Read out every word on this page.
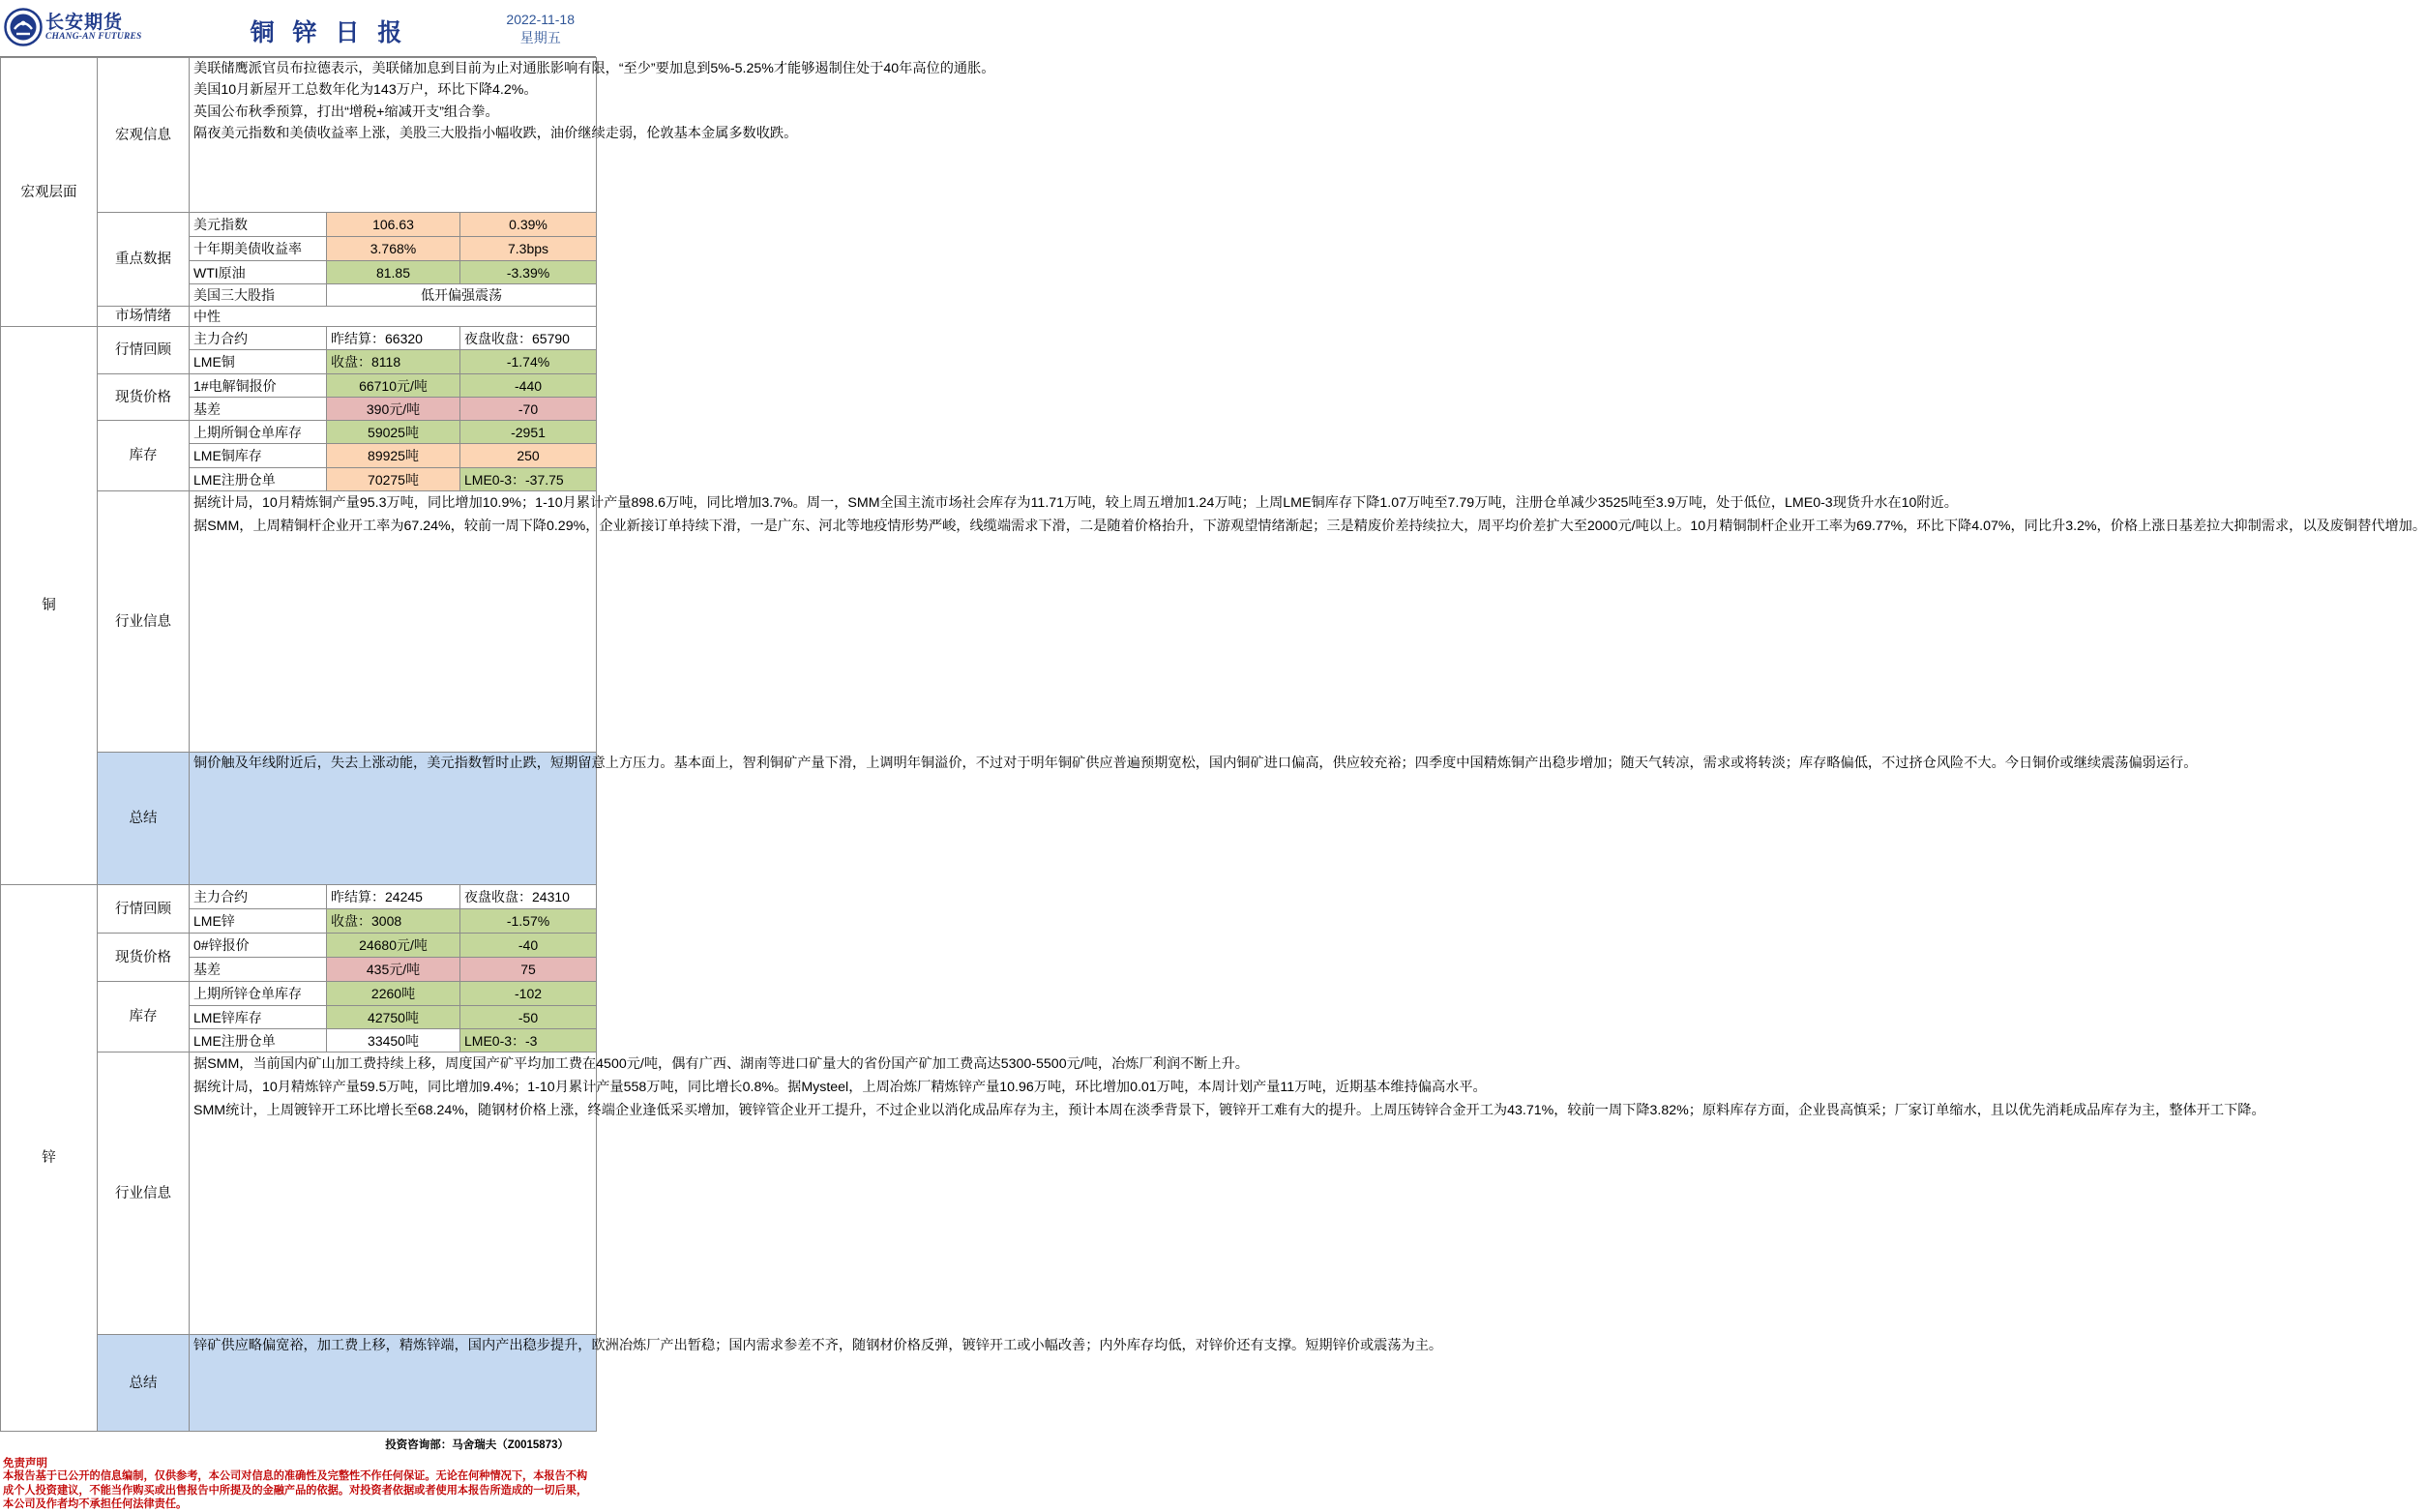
长安期货
CHANG-AN FUTURES	铜 锌 日 报	2022-11-18
星期五
宏观层面	宏观信息	美联储鹰派官员布拉德表示，美联储加息到目前为止对通胀影响有限，“至少”要加息到5%-5.25%才能够遏制住处于40年高位的通胀。

美国10月新屋开工总数年化为143万户，环比下降4.2%。

英国公布秋季预算，打出“增税+缩减开支”组合拳。

隔夜美元指数和美债收益率上涨，美股三大股指小幅收跌，油价继续走弱，伦敦基本金属多数收跌。		

	重点数据	美元指数	106.63	0.39%
		十年期美债收益率	3.768%	7.3bps
		WTI原油	81.85	-3.39%
		美国三大股指	低开偏强震荡	
	市场情绪	中性		
铜	行情回顾	主力合约	昨结算：66320	夜盘收盘：65790
		LME铜	收盘：8118	-1.74%
	现货价格	1#电解铜报价	66710元/吨	-440
		基差	390元/吨	-70
	库存	上期所铜仓单库存	59025吨	-2951
		LME铜库存	89925吨	250
		LME注册仓单	70275吨	LME0-3：-37.75
	行业信息	据统计局，10月精炼铜产量95.3万吨，同比增加10.9%；1-10月累计产量898.6万吨，同比增加3.7%。周一，SMM全国主流市场社会库存为11.71万吨，较上周五增加1.24万吨；上周LME铜库存下降1.07万吨至7.79万吨，注册仓单减少3525吨至3.9万吨，处于低位，LME0-3现货升水在10附近。

据SMM，上周精铜杆企业开工率为67.24%，较前一周下降0.29%，企业新接订单持续下滑，一是广东、河北等地疫情形势严峻，线缆端需求下滑，二是随着价格抬升，下游观望情绪渐起；三是精废价差持续拉大，周平均价差扩大至2000元/吨以上。10月精铜制杆企业开工率为69.77%，环比下降4.07%，同比升3.2%，价格上涨日基差拉大抑制需求，以及废铜替代增加。		

	总结	铜价触及年线附近后，失去上涨动能，美元指数暂时止跌，短期留意上方压力。基本面上，智利铜矿产量下滑，上调明年铜溢价，不过对于明年铜矿供应普遍预期宽松，国内铜矿进口偏高，供应较充裕；四季度中国精炼铜产出稳步增加；随天气转凉，需求或将转淡；库存略偏低，不过挤仓风险不大。今日铜价或继续震荡偏弱运行。		

锌	行情回顾	主力合约	昨结算：24245	夜盘收盘：24310
		LME锌	收盘：3008	-1.57%
	现货价格	0#锌报价	24680元/吨	-40
		基差	435元/吨	75
	库存	上期所锌仓单库存	2260吨	-102
		LME锌库存	42750吨	-50
		LME注册仓单	33450吨	LME0-3：-3
	行业信息	据SMM，当前国内矿山加工费持续上移，周度国产矿平均加工费在4500元/吨，偶有广西、湖南等进口矿量大的省份国产矿加工费高达5300-5500元/吨，冶炼厂利润不断上升。

据统计局，10月精炼锌产量59.5万吨，同比增加9.4%；1-10月累计产量558万吨，同比增长0.8%。据Mysteel，上周冶炼厂精炼锌产量10.96万吨，环比增加0.01万吨，本周计划产量11万吨，近期基本维持偏高水平。

SMM统计，上周镀锌开工环比增长至68.24%，随钢材价格上涨，终端企业逢低采买增加，镀锌管企业开工提升，不过企业以消化成品库存为主，预计本周在淡季背景下，镀锌开工难有大的提升。上周压铸锌合金开工为43.71%，较前一周下降3.82%；原料库存方面，企业畏高慎采；厂家订单缩水，且以优先消耗成品库存为主，整体开工下降。		

	总结	锌矿供应略偏宽裕，加工费上移，精炼锌端，国内产出稳步提升，欧洲冶炼厂产出暂稳；国内需求参差不齐，随钢材价格反弹，镀锌开工或小幅改善；内外库存均低，对锌价还有支撑。短期锌价或震荡为主。		

投资咨询部：马舍瑞夫（Z0015873）
免责声明
本报告基于已公开的信息编制，仅供参考，本公司对信息的准确性及完整性不作任何保证。无论在何种情况下，本报告不构成个人投资建议，不能当作购买或出售报告中所提及的金融产品的依据。对投资者依据或者使用本报告所造成的一切后果，本公司及作者均不承担任何法律责任。
